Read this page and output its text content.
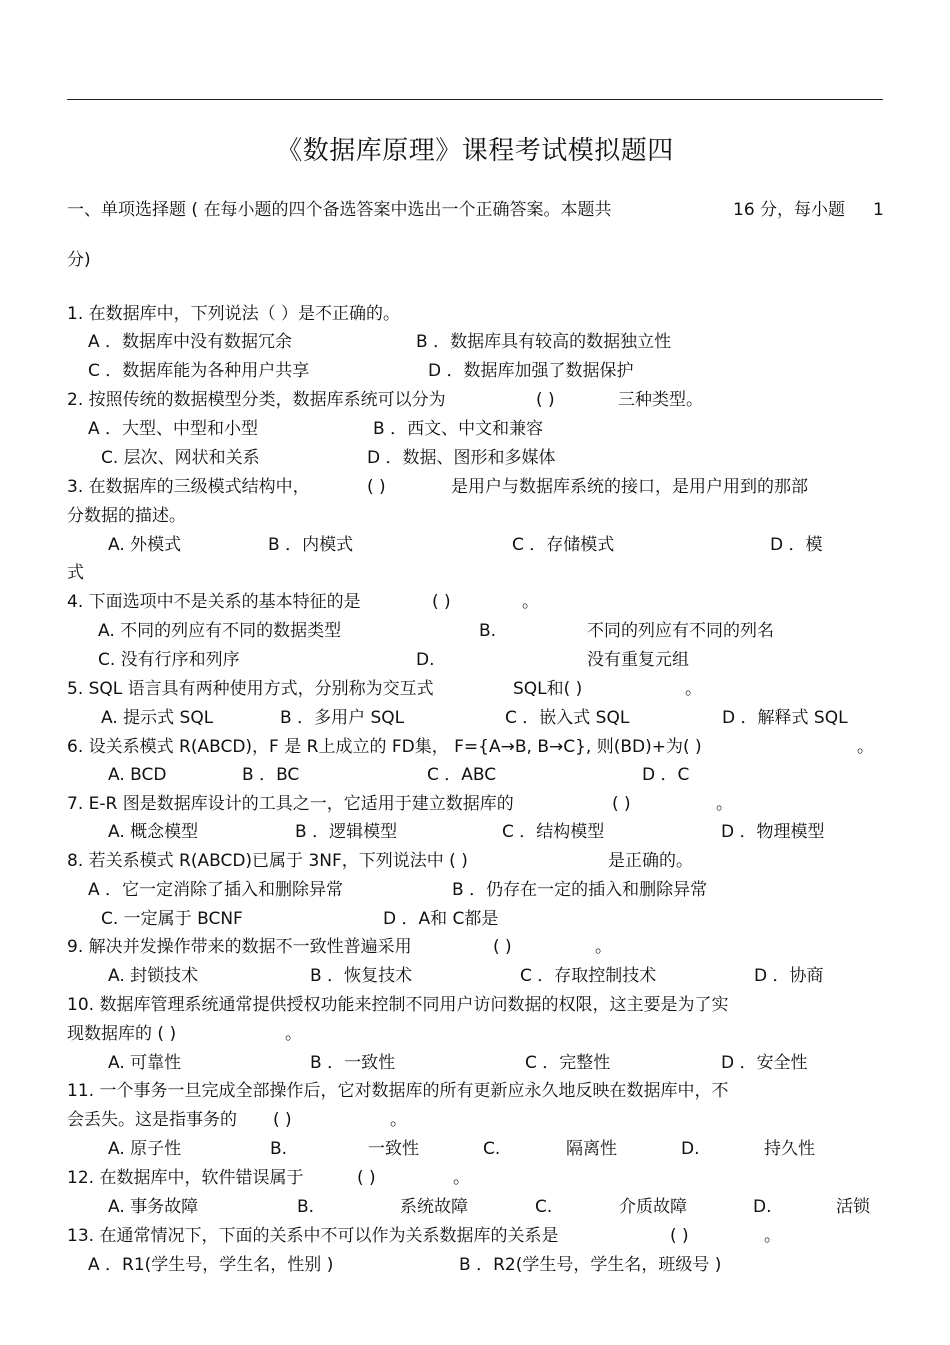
《数据库原理》课程考试模拟题四
一、单项选择题 ( 在每小题的四个备选答案中选出一个正确答案。本题共	16 分，每小题 1
分)
1. 在数据库中，下列说法（ ）是不正确的。
A ．数据库中没有数据冗余	B ．数据库具有较高的数据独立性
C ．数据库能为各种用户共享	D ．数据库加强了数据保护
2. 按照传统的数据模型分类，数据库系统可以分为	( )	三种类型。
A ．大型、中型和小型	B ．西文、中文和兼容
C. 层次、网状和关系	D ．数据、图形和多媒体
3. 在数据库的三级模式结构中，	( )	是用户与数据库系统的接口，是用户用到的那部
分数据的描述。
A. 外模式	B ．内模式	C ．存储模式	D ．模
式
4. 下面选项中不是关系的基本特征的是	( )	。
A. 不同的列应有不同的数据类型	B.	不同的列应有不同的列名
C. 没有行序和列序	D.	没有重复元组
5. SQL 语言具有两种使用方式，分别称为交互式	SQL和( )	。
A. 提示式 SQL	B ．多用户 SQL	C ．嵌入式 SQL	D ．解释式 SQL
6. 设关系模式 R(ABCD)，F 是 R上成立的 FD集， F={A→B, B→C}, 则(BD)+为( )	。
A. BCD	B ．BC	C ．ABC	D ．C
7. E-R 图是数据库设计的工具之一，它适用于建立数据库的	( )	。
A. 概念模型	B ．逻辑模型	C ．结构模型	D ．物理模型
8. 若关系模式 R(ABCD)已属于 3NF，下列说法中 ( )	是正确的。
A ．它一定消除了插入和删除异常	B ．仍存在一定的插入和删除异常
C. 一定属于 BCNF	D ．A和 C都是
9. 解决并发操作带来的数据不一致性普遍采用	( )	。
A. 封锁技术	B ．恢复技术	C ．存取控制技术	D ．协商
10. 数据库管理系统通常提供授权功能来控制不同用户访问数据的权限，这主要是为了实
现数据库的 ( )	。
A. 可靠性	B ．一致性	C ．完整性	D ．安全性
11. 一个事务一旦完成全部操作后，它对数据库的所有更新应永久地反映在数据库中，不
会丢失。这是指事务的 ( )	。
A. 原子性	B.	一致性	C.	隔离性	D.	持久性
12. 在数据库中，软件错误属于	( )	。
A. 事务故障	B.	系统故障	C.	介质故障	D.	活锁
13. 在通常情况下，下面的关系中不可以作为关系数据库的关系是	( )	。
A ．R1(学生号，学生名，性别 )	B ．R2(学生号，学生名，班级号 )
